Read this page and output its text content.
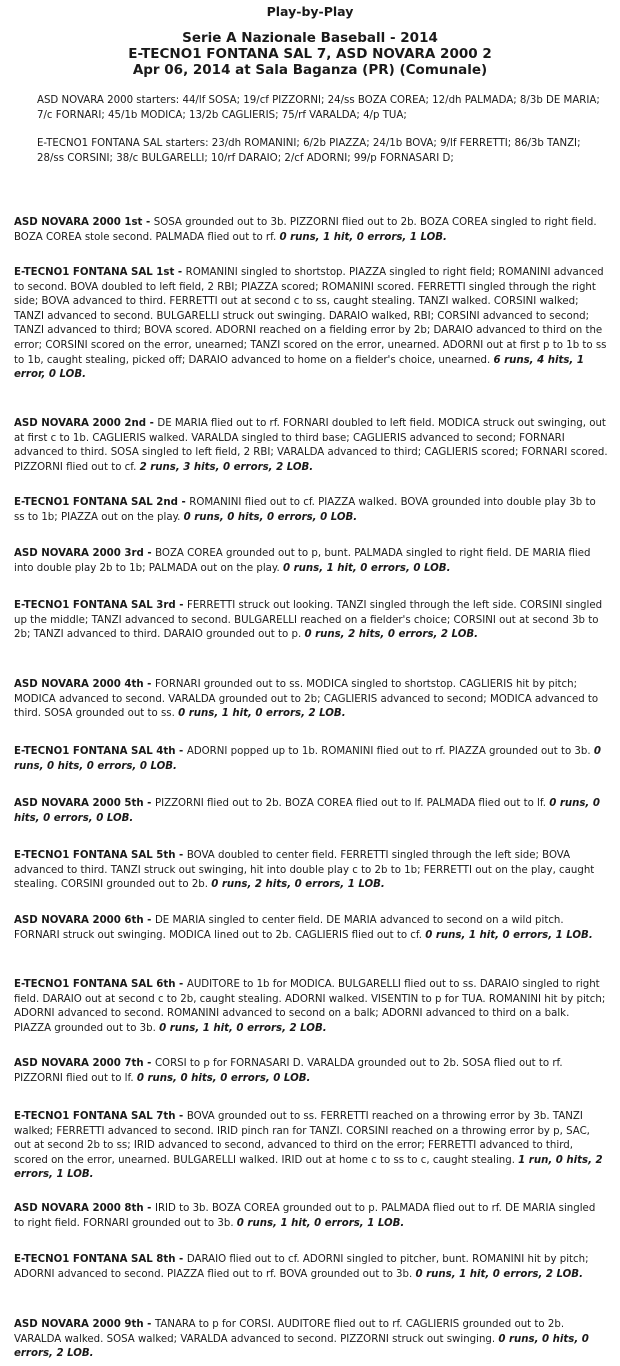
Play-by-Play
Serie A Nazionale Baseball - 2014
E-TECNO1 FONTANA SAL 7, ASD NOVARA 2000 2
Apr 06, 2014 at Sala Baganza (PR) (Comunale)

ASD NOVARA 2000 starters: 44/lf SOSA; 19/cf PIZZORNI; 24/ss BOZA COREA; 12/dh PALMADA; 8/3b DE MARIA; 7/c FORNARI; 45/1b MODICA; 13/2b CAGLIERIS; 75/rf VARALDA; 4/p TUA;

E-TECNO1 FONTANA SAL starters: 23/dh ROMANINI; 6/2b PIAZZA; 24/1b BOVA; 9/lf FERRETTI; 86/3b TANZI; 28/ss CORSINI; 38/c BULGARELLI; 10/rf DARAIO; 2/cf ADORNI; 99/p FORNASARI D;

ASD NOVARA 2000 1st - SOSA grounded out to 3b. PIZZORNI flied out to 2b. BOZA COREA singled to right field. BOZA COREA stole second. PALMADA flied out to rf. 0 runs, 1 hit, 0 errors, 1 LOB.
E-TECNO1 FONTANA SAL 1st - ROMANINI singled to shortstop. PIAZZA singled to right field; ROMANINI advanced to second. BOVA doubled to left field, 2 RBI; PIAZZA scored; ROMANINI scored. FERRETTI singled through the right side; BOVA advanced to third. FERRETTI out at second c to ss, caught stealing. TANZI walked. CORSINI walked; TANZI advanced to second. BULGARELLI struck out swinging. DARAIO walked, RBI; CORSINI advanced to second; TANZI advanced to third; BOVA scored. ADORNI reached on a fielding error by 2b; DARAIO advanced to third on the error; CORSINI scored on the error, unearned; TANZI scored on the error, unearned. ADORNI out at first p to 1b to ss to 1b, caught stealing, picked off; DARAIO advanced to home on a fielder's choice, unearned. 6 runs, 4 hits, 1 error, 0 LOB.
ASD NOVARA 2000 2nd - DE MARIA flied out to rf. FORNARI doubled to left field. MODICA struck out swinging, out at first c to 1b. CAGLIERIS walked. VARALDA singled to third base; CAGLIERIS advanced to second; FORNARI advanced to third. SOSA singled to left field, 2 RBI; VARALDA advanced to third; CAGLIERIS scored; FORNARI scored. PIZZORNI flied out to cf. 2 runs, 3 hits, 0 errors, 2 LOB.
E-TECNO1 FONTANA SAL 2nd - ROMANINI flied out to cf. PIAZZA walked. BOVA grounded into double play 3b to ss to 1b; PIAZZA out on the play. 0 runs, 0 hits, 0 errors, 0 LOB.
ASD NOVARA 2000 3rd - BOZA COREA grounded out to p, bunt. PALMADA singled to right field. DE MARIA flied into double play 2b to 1b; PALMADA out on the play. 0 runs, 1 hit, 0 errors, 0 LOB.
E-TECNO1 FONTANA SAL 3rd - FERRETTI struck out looking. TANZI singled through the left side. CORSINI singled up the middle; TANZI advanced to second. BULGARELLI reached on a fielder's choice; CORSINI out at second 3b to 2b; TANZI advanced to third. DARAIO grounded out to p. 0 runs, 2 hits, 0 errors, 2 LOB.
ASD NOVARA 2000 4th - FORNARI grounded out to ss. MODICA singled to shortstop. CAGLIERIS hit by pitch; MODICA advanced to second. VARALDA grounded out to 2b; CAGLIERIS advanced to second; MODICA advanced to third. SOSA grounded out to ss. 0 runs, 1 hit, 0 errors, 2 LOB.
E-TECNO1 FONTANA SAL 4th - ADORNI popped up to 1b. ROMANINI flied out to rf. PIAZZA grounded out to 3b. 0 runs, 0 hits, 0 errors, 0 LOB.
ASD NOVARA 2000 5th - PIZZORNI flied out to 2b. BOZA COREA flied out to lf. PALMADA flied out to lf. 0 runs, 0 hits, 0 errors, 0 LOB.
E-TECNO1 FONTANA SAL 5th - BOVA doubled to center field. FERRETTI singled through the left side; BOVA advanced to third. TANZI struck out swinging, hit into double play c to 2b to 1b; FERRETTI out on the play, caught stealing. CORSINI grounded out to 2b. 0 runs, 2 hits, 0 errors, 1 LOB.
ASD NOVARA 2000 6th - DE MARIA singled to center field. DE MARIA advanced to second on a wild pitch. FORNARI struck out swinging. MODICA lined out to 2b. CAGLIERIS flied out to cf. 0 runs, 1 hit, 0 errors, 1 LOB.
E-TECNO1 FONTANA SAL 6th - AUDITORE to 1b for MODICA. BULGARELLI flied out to ss. DARAIO singled to right field. DARAIO out at second c to 2b, caught stealing. ADORNI walked. VISENTIN to p for TUA. ROMANINI hit by pitch; ADORNI advanced to second. ROMANINI advanced to second on a balk; ADORNI advanced to third on a balk. PIAZZA grounded out to 3b. 0 runs, 1 hit, 0 errors, 2 LOB.
ASD NOVARA 2000 7th - CORSI to p for FORNASARI D. VARALDA grounded out to 2b. SOSA flied out to rf. PIZZORNI flied out to lf. 0 runs, 0 hits, 0 errors, 0 LOB.
E-TECNO1 FONTANA SAL 7th - BOVA grounded out to ss. FERRETTI reached on a throwing error by 3b. TANZI walked; FERRETTI advanced to second. IRID pinch ran for TANZI. CORSINI reached on a throwing error by p, SAC, out at second 2b to ss; IRID advanced to second, advanced to third on the error; FERRETTI advanced to third, scored on the error, unearned. BULGARELLI walked. IRID out at home c to ss to c, caught stealing. 1 run, 0 hits, 2 errors, 1 LOB.
ASD NOVARA 2000 8th - IRID to 3b. BOZA COREA grounded out to p. PALMADA flied out to rf. DE MARIA singled to right field. FORNARI grounded out to 3b. 0 runs, 1 hit, 0 errors, 1 LOB.
E-TECNO1 FONTANA SAL 8th - DARAIO flied out to cf. ADORNI singled to pitcher, bunt. ROMANINI hit by pitch; ADORNI advanced to second. PIAZZA flied out to rf. BOVA grounded out to 3b. 0 runs, 1 hit, 0 errors, 2 LOB.
ASD NOVARA 2000 9th - TANARA to p for CORSI. AUDITORE flied out to rf. CAGLIERIS grounded out to 2b. VARALDA walked. SOSA walked; VARALDA advanced to second. PIZZORNI struck out swinging. 0 runs, 0 hits, 0 errors, 2 LOB.
